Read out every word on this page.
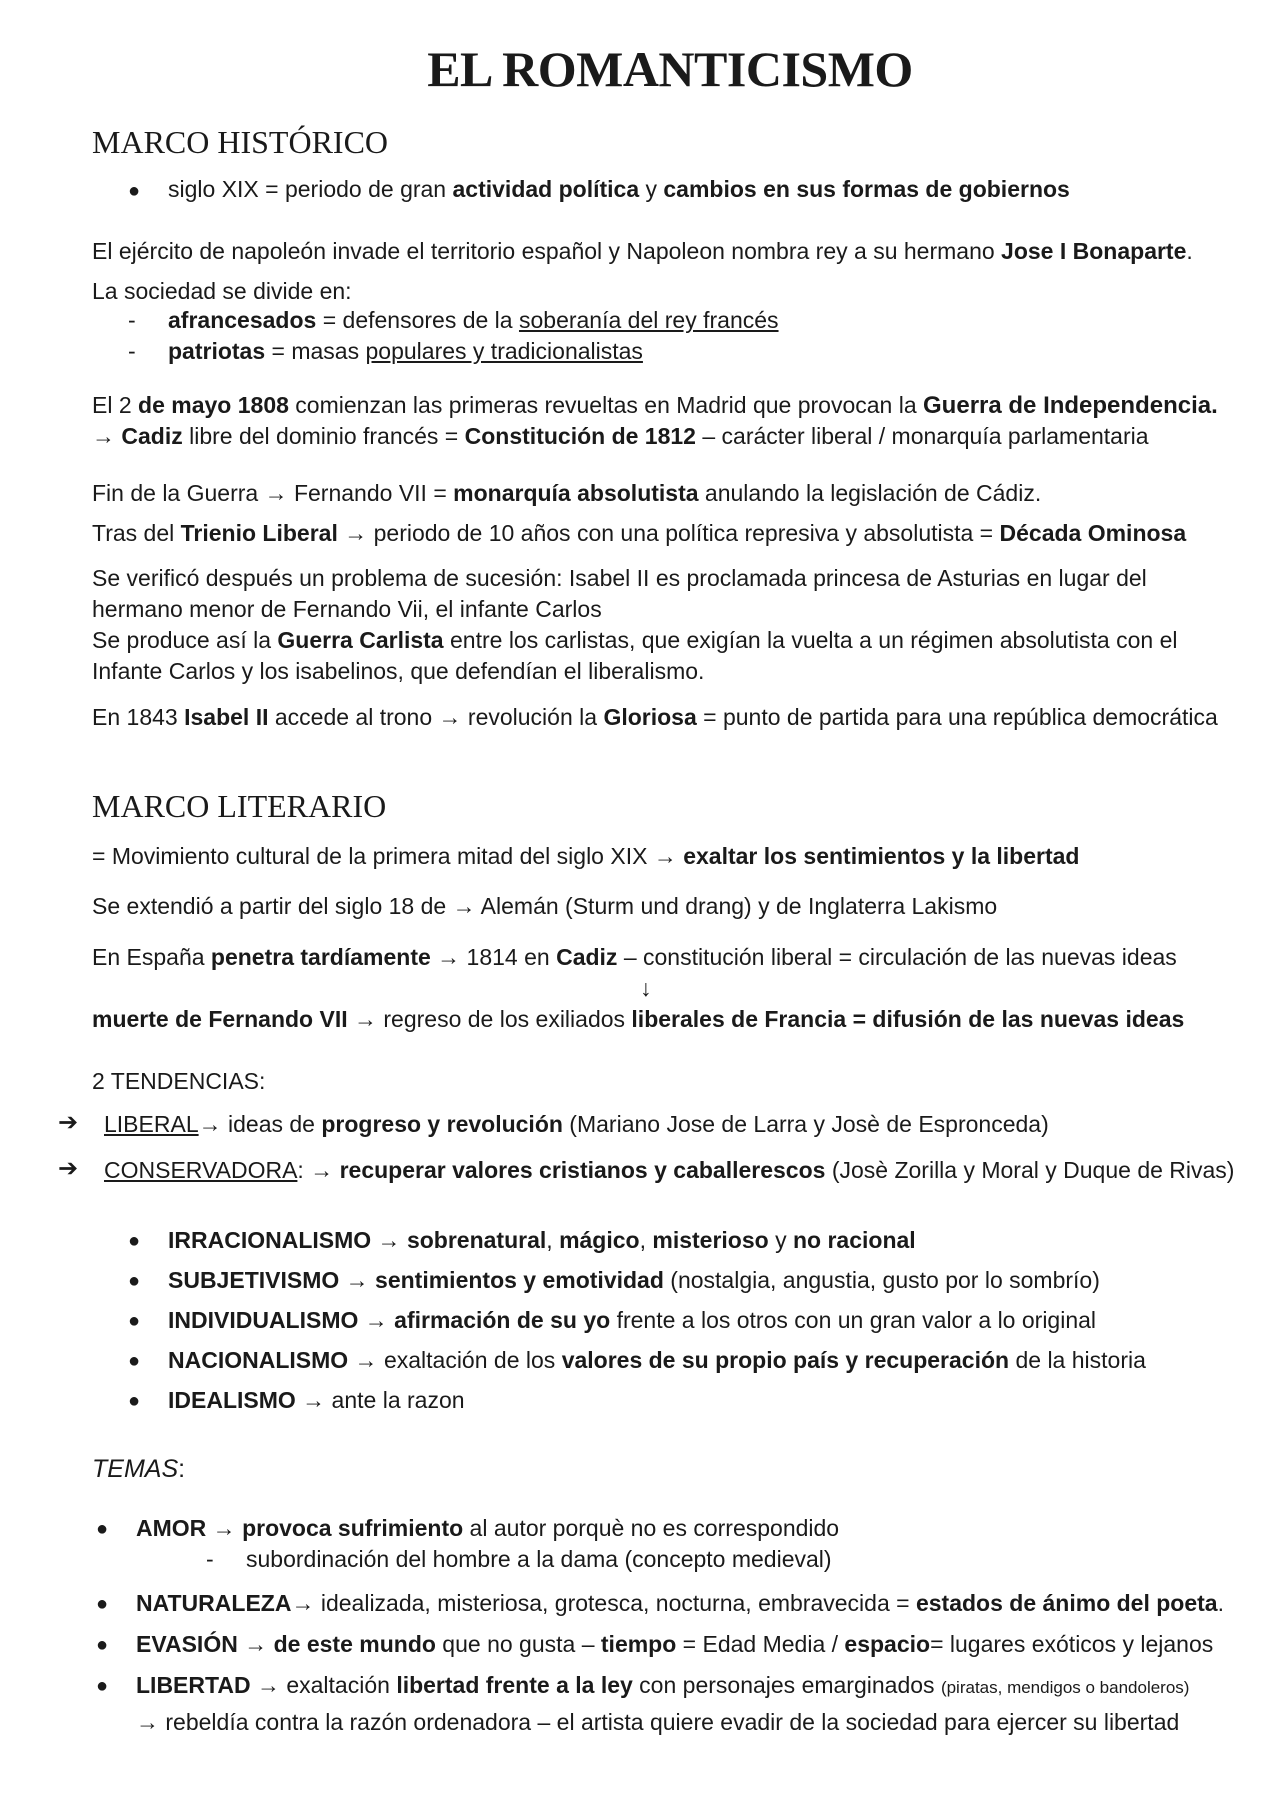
EL ROMANTICISMO
MARCO HISTÓRICO
● siglo XIX = periodo de gran actividad política y cambios en sus formas de gobiernos
El ejército de napoleón invade el territorio español y Napoleon nombra rey a su hermano Jose I Bonaparte.
La sociedad se divide en:
- afrancesados = defensores de la soberanía del rey francés
- patriotas = masas populares y tradicionalistas
El 2 de mayo 1808 comienzan las primeras revueltas en Madrid que provocan la Guerra de Independencia.
→ Cadiz libre del dominio francés = Constitución de 1812 – carácter liberal / monarquía parlamentaria
Fin de la Guerra → Fernando VII = monarquía absolutista anulando la legislación de Cádiz.
Tras del Trienio Liberal → periodo de 10 años con una política represiva y absolutista = Década Ominosa
Se verificó después un problema de sucesión: Isabel II es proclamada princesa de Asturias en lugar del
hermano menor de Fernando Vii, el infante Carlos
Se produce así la Guerra Carlista entre los carlistas, que exigían la vuelta a un régimen absolutista con el
Infante Carlos y los isabelinos, que defendían el liberalismo.
En 1843 Isabel II accede al trono → revolución la Gloriosa = punto de partida para una república democrática
MARCO LITERARIO
= Movimiento cultural de la primera mitad del siglo XIX → exaltar los sentimientos y la libertad
Se extendió a partir del siglo 18 de → Alemán (Sturm und drang) y de Inglaterra Lakismo
En España penetra tardíamente → 1814 en Cadiz – constitución liberal = circulación de las nuevas ideas
↓
muerte de Fernando VII → regreso de los exiliados liberales de Francia = difusión de las nuevas ideas
2 TENDENCIAS:
➔ LIBERAL→ ideas de progreso y revolución (Mariano Jose de Larra y Josè de Espronceda)
➔ CONSERVADORA: → recuperar valores cristianos y caballerescos (Josè Zorilla y Moral y Duque de Rivas)
● IRRACIONALISMO → sobrenatural, mágico, misterioso y no racional
● SUBJETIVISMO → sentimientos y emotividad (nostalgia, angustia, gusto por lo sombrío)
● INDIVIDUALISMO → afirmación de su yo frente a los otros con un gran valor a lo original
● NACIONALISMO → exaltación de los valores de su propio país y recuperación de la historia
● IDEALISMO → ante la razon
TEMAS:
● AMOR → provoca sufrimiento al autor porquè no es correspondido
- subordinación del hombre a la dama (concepto medieval)
● NATURALEZA→ idealizada, misteriosa, grotesca, nocturna, embravecida = estados de ánimo del poeta.
● EVASIÓN → de este mundo que no gusta – tiempo = Edad Media / espacio= lugares exóticos y lejanos
● LIBERTAD → exaltación libertad frente a la ley con personajes emarginados (piratas, mendigos o bandoleros)
→ rebeldía contra la razón ordenadora – el artista quiere evadir de la sociedad para ejercer su libertad
